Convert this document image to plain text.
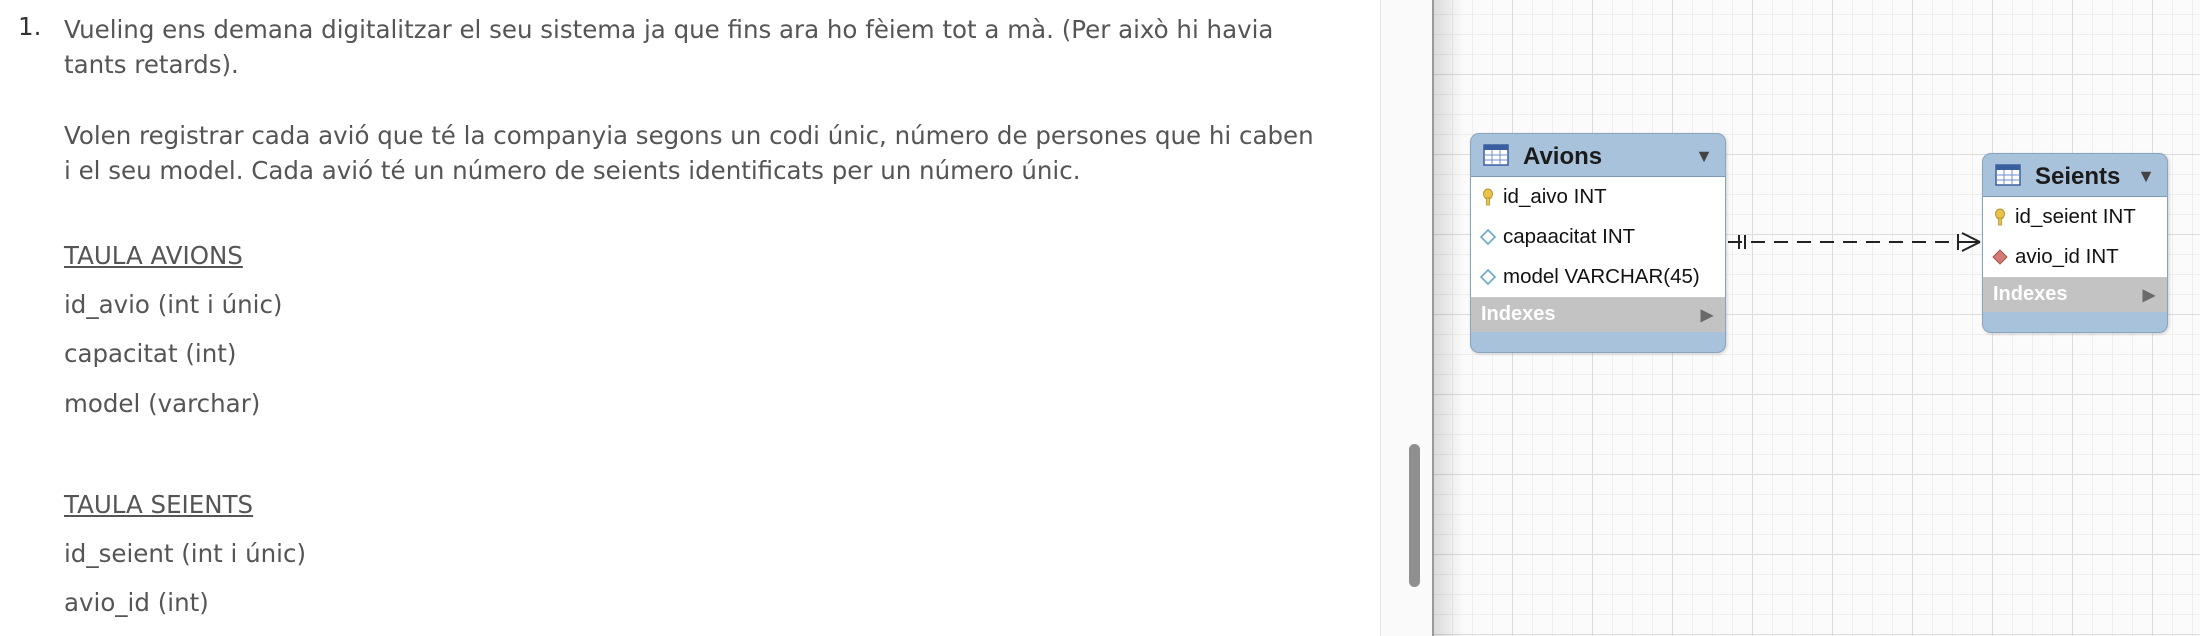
1. Vueling ens demana digitalitzar el seu sistema ja que fins ara ho fèiem tot a mà. (Per això hi havia tants retards).
Volen registrar cada avió que té la companyia segons un codi únic, número de persones que hi caben i el seu model. Cada avió té un número de seients identificats per un número únic.
TAULA AVIONS
id_avio (int i únic)
capacitat (int)
model (varchar)
TAULA SEIENTS
id_seient (int i únic)
avio_id (int)
Avions	▼
id_aivo INT
capaacitat INT
model VARCHAR(45)
Indexes	▶
Seients ▼
id_seient INT
avio_id INT
Indexes	▶
